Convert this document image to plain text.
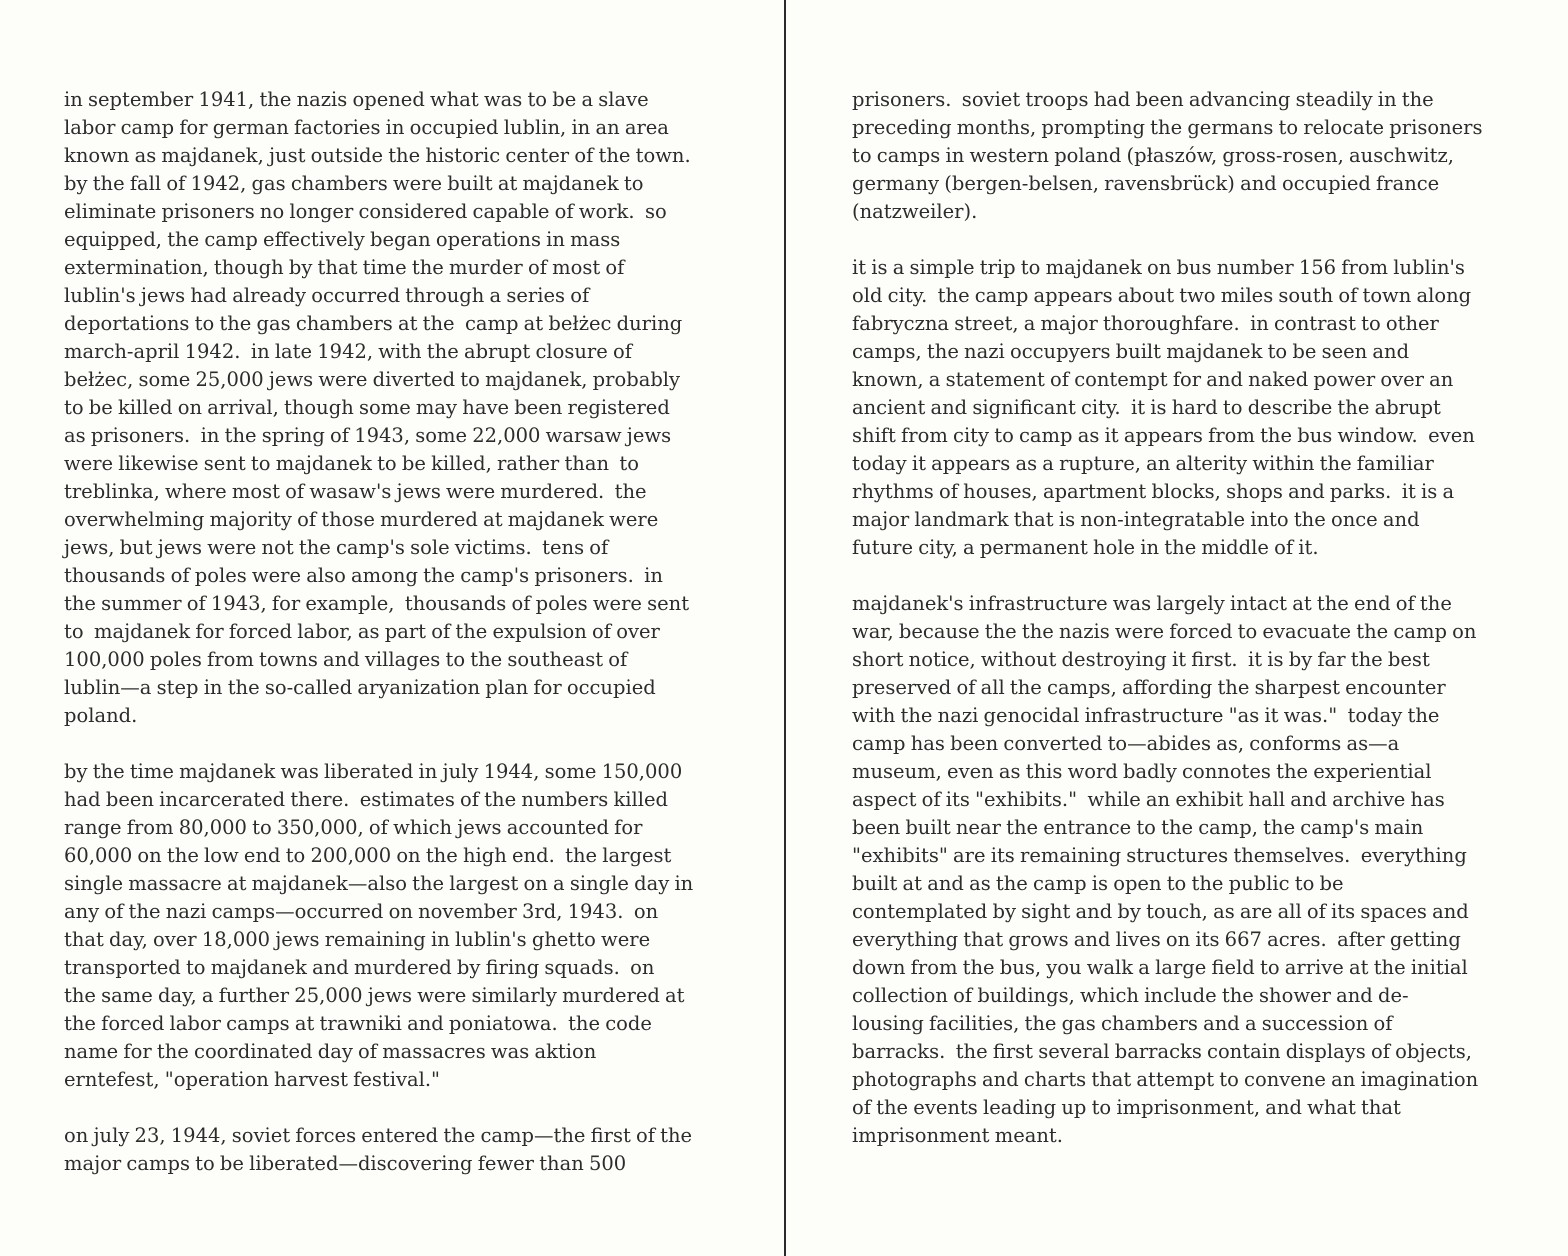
in september 1941, the nazis opened what was to be a slave
labor camp for german factories in occupied lublin, in an area
known as majdanek, just outside the historic center of the town.
by the fall of 1942, gas chambers were built at majdanek to
eliminate prisoners no longer considered capable of work.  so
equipped, the camp effectively began operations in mass
extermination, though by that time the murder of most of
lublin's jews had already occurred through a series of
deportations to the gas chambers at the  camp at bełżec during
march-april 1942.  in late 1942, with the abrupt closure of
bełżec, some 25,000 jews were diverted to majdanek, probably
to be killed on arrival, though some may have been registered
as prisoners.  in the spring of 1943, some 22,000 warsaw jews
were likewise sent to majdanek to be killed, rather than  to
treblinka, where most of wasaw's jews were murdered.  the
overwhelming majority of those murdered at majdanek were
jews, but jews were not the camp's sole victims.  tens of
thousands of poles were also among the camp's prisoners.  in
the summer of 1943, for example,  thousands of poles were sent
to  majdanek for forced labor, as part of the expulsion of over
100,000 poles from towns and villages to the southeast of
lublin—a step in the so-called aryanization plan for occupied
poland.
by the time majdanek was liberated in july 1944, some 150,000
had been incarcerated there.  estimates of the numbers killed
range from 80,000 to 350,000, of which jews accounted for
60,000 on the low end to 200,000 on the high end.  the largest
single massacre at majdanek—also the largest on a single day in
any of the nazi camps—occurred on november 3rd, 1943.  on
that day, over 18,000 jews remaining in lublin's ghetto were
transported to majdanek and murdered by firing squads.  on
the same day, a further 25,000 jews were similarly murdered at
the forced labor camps at trawniki and poniatowa.  the code
name for the coordinated day of massacres was aktion
erntefest, "operation harvest festival."
on july 23, 1944, soviet forces entered the camp—the first of the
major camps to be liberated—discovering fewer than 500
prisoners.  soviet troops had been advancing steadily in the
preceding months, prompting the germans to relocate prisoners
to camps in western poland (płaszów, gross-rosen, auschwitz,
germany (bergen-belsen, ravensbrück) and occupied france
(natzweiler).
it is a simple trip to majdanek on bus number 156 from lublin's
old city.  the camp appears about two miles south of town along
fabryczna street, a major thoroughfare.  in contrast to other
camps, the nazi occupyers built majdanek to be seen and
known, a statement of contempt for and naked power over an
ancient and significant city.  it is hard to describe the abrupt
shift from city to camp as it appears from the bus window.  even
today it appears as a rupture, an alterity within the familiar
rhythms of houses, apartment blocks, shops and parks.  it is a
major landmark that is non-integratable into the once and
future city, a permanent hole in the middle of it.
majdanek's infrastructure was largely intact at the end of the
war, because the the nazis were forced to evacuate the camp on
short notice, without destroying it first.  it is by far the best
preserved of all the camps, affording the sharpest encounter
with the nazi genocidal infrastructure "as it was."  today the
camp has been converted to—abides as, conforms as—a
museum, even as this word badly connotes the experiential
aspect of its "exhibits."  while an exhibit hall and archive has
been built near the entrance to the camp, the camp's main
"exhibits" are its remaining structures themselves.  everything
built at and as the camp is open to the public to be
contemplated by sight and by touch, as are all of its spaces and
everything that grows and lives on its 667 acres.  after getting
down from the bus, you walk a large field to arrive at the initial
collection of buildings, which include the shower and de-
lousing facilities, the gas chambers and a succession of
barracks.  the first several barracks contain displays of objects,
photographs and charts that attempt to convene an imagination
of the events leading up to imprisonment, and what that
imprisonment meant.
